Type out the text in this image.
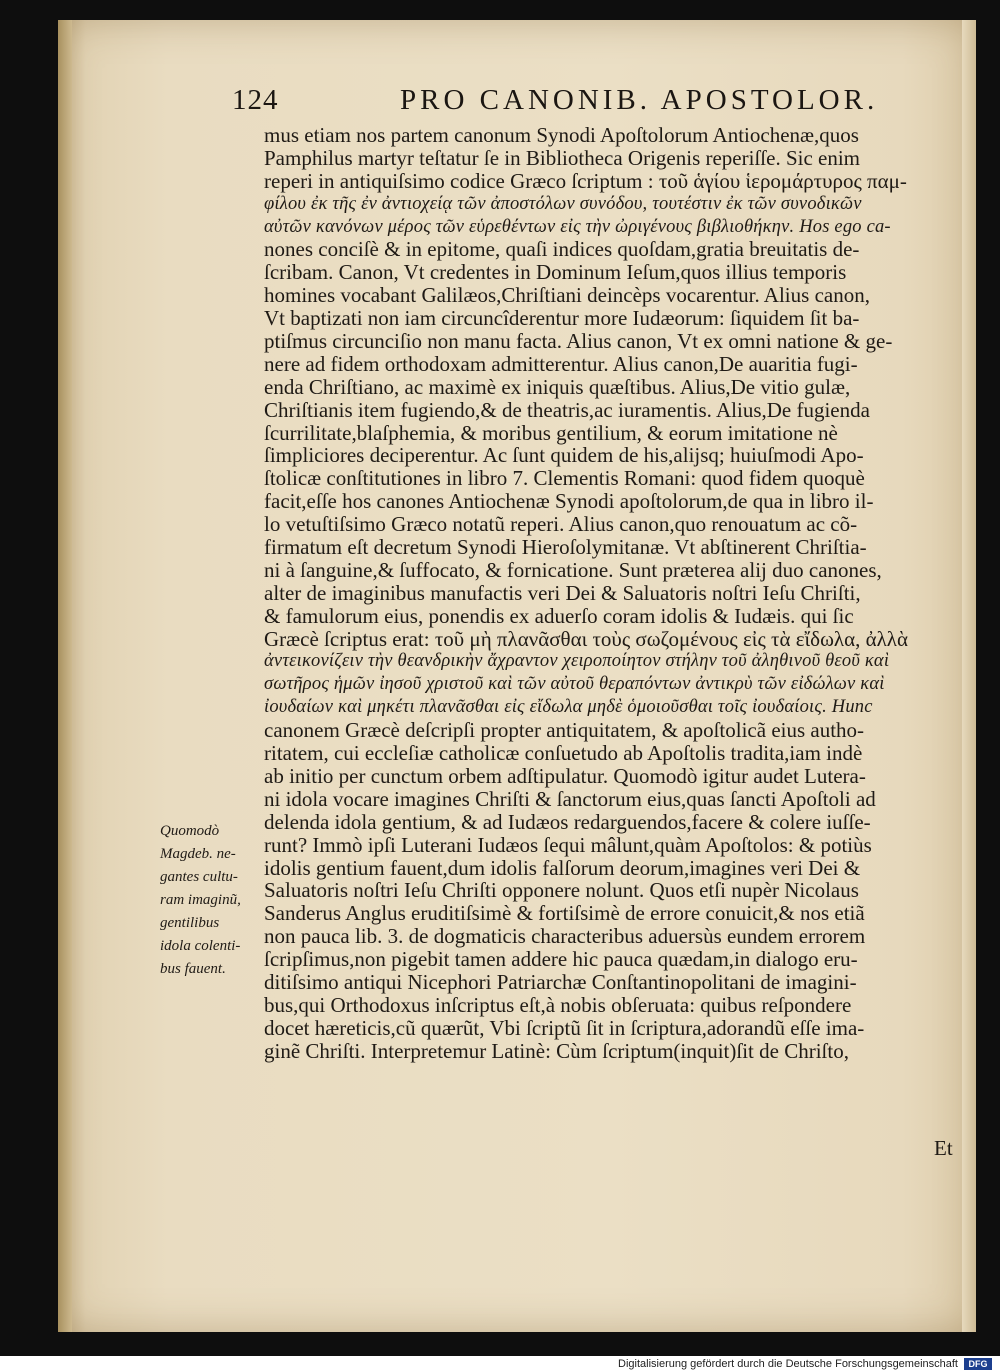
124	PRO CANONIB. APOSTOLOR.
mus etiam nos partem canonum Synodi Apoſtolorum Antiochenæ,quos
Pamphilus martyr teſtatur ſe in Bibliotheca Origenis reperiſſe. Sic enim
reperi in antiquiſsimo codice Græco ſcriptum : τοῦ ἁγίου ἱερομάρτυρος παμ-
φίλου ἐκ τῆς ἐν ἀντιοχείᾳ τῶν ἀποστόλων συνόδου, τουτέστιν ἐκ τῶν συνοδικῶν
αὐτῶν κανόνων μέρος τῶν εὑρεθέντων εἰς τὴν ὠριγένους βιβλιοθήκην. Hos ego ca-
nones conciſè & in epitome, quaſi indices quoſdam,gratia breuitatis de-
ſcribam. Canon, Vt credentes in Dominum Ieſum,quos illius temporis
homines vocabant Galilæos,Chriſtiani deincèps vocarentur. Alius canon,
Vt baptizati non iam circuncîderentur more Iudæorum: ſiquidem ſit ba-
ptiſmus circunciſio non manu facta. Alius canon, Vt ex omni natione & ge-
nere ad fidem orthodoxam admitterentur. Alius canon,De auaritia fugi-
enda Chriſtiano, ac maximè ex iniquis quæſtibus. Alius,De vitio gulæ,
Chriſtianis item fugiendo,& de theatris,ac iuramentis. Alius,De fugienda
ſcurrilitate,blaſphemia, & moribus gentilium, & eorum imitatione nè
ſimpliciores deciperentur. Ac ſunt quidem de his,alijsq; huiuſmodi Apo-
ſtolicæ conſtitutiones in libro 7. Clementis Romani: quod fidem quoquè
facit,eſſe hos canones Antiochenæ Synodi apoſtolorum,de qua in libro il-
lo vetuſtiſsimo Græco notatũ reperi. Alius canon,quo renouatum ac cõ-
firmatum eſt decretum Synodi Hieroſolymitanæ. Vt abſtinerent Chriſtia-
ni à ſanguine,& ſuffocato, & fornicatione. Sunt præterea alij duo canones,
alter de imaginibus manufactis veri Dei & Saluatoris noſtri Ieſu Chriſti,
& famulorum eius, ponendis ex aduerſo coram idolis & Iudæis. qui ſic
Græcè ſcriptus erat: τοῦ μὴ πλανᾶσθαι τοὺς σωζομένους εἰς τὰ εἴδωλα, ἀλλὰ
ἀντεικονίζειν τὴν θεανδρικὴν ἄχραντον χειροποίητον στήλην τοῦ ἀληθινοῦ θεοῦ καὶ
σωτῆρος ἡμῶν ἰησοῦ χριστοῦ καὶ τῶν αὐτοῦ θεραπόντων ἀντικρὺ τῶν εἰδώλων καὶ
ἰουδαίων καὶ μηκέτι πλανᾶσθαι εἰς εἴδωλα μηδὲ ὁμοιοῦσθαι τοῖς ἰουδαίοις. Hunc
canonem Græcè deſcripſi propter antiquitatem, & apoſtolicã eius autho-
ritatem, cui eccleſiæ catholicæ conſuetudo ab Apoſtolis tradita,iam indè
ab initio per cunctum orbem adſtipulatur. Quomodò igitur audet Lutera-
ni idola vocare imagines Chriſti & ſanctorum eius,quas ſancti Apoſtoli ad
delenda idola gentium, & ad Iudæos redarguendos,facere & colere iuſſe-
runt? Immò ipſi Luterani Iudæos ſequi mâlunt,quàm Apoſtolos: & potiùs
idolis gentium fauent,dum idolis falſorum deorum,imagines veri Dei &
Saluatoris noſtri Ieſu Chriſti opponere nolunt. Quos etſi nupèr Nicolaus
Sanderus Anglus eruditiſsimè & fortiſsimè de errore conuicit,& nos etiã
non pauca lib. 3. de dogmaticis characteribus aduersùs eundem errorem
ſcripſimus,non pigebit tamen addere hic pauca quædam,in dialogo eru-
ditiſsimo antiqui Nicephori Patriarchæ Conſtantinopolitani de imagini-
bus,qui Orthodoxus inſcriptus eſt,à nobis obſeruata: quibus reſpondere
docet hæreticis,cũ quærũt, Vbi ſcriptũ ſit in ſcriptura,adorandũ eſſe ima-
ginẽ Chriſti. Interpretemur Latinè: Cùm ſcriptum(inquit)ſit de Chriſto,
Et
Quomodò
Magdeb. ne-
gantes cultu-
ram imaginũ,
gentilibus
idola colenti-
bus fauent.
Digitalisierung gefördert durch die Deutsche Forschungsgemeinschaft	DFG
